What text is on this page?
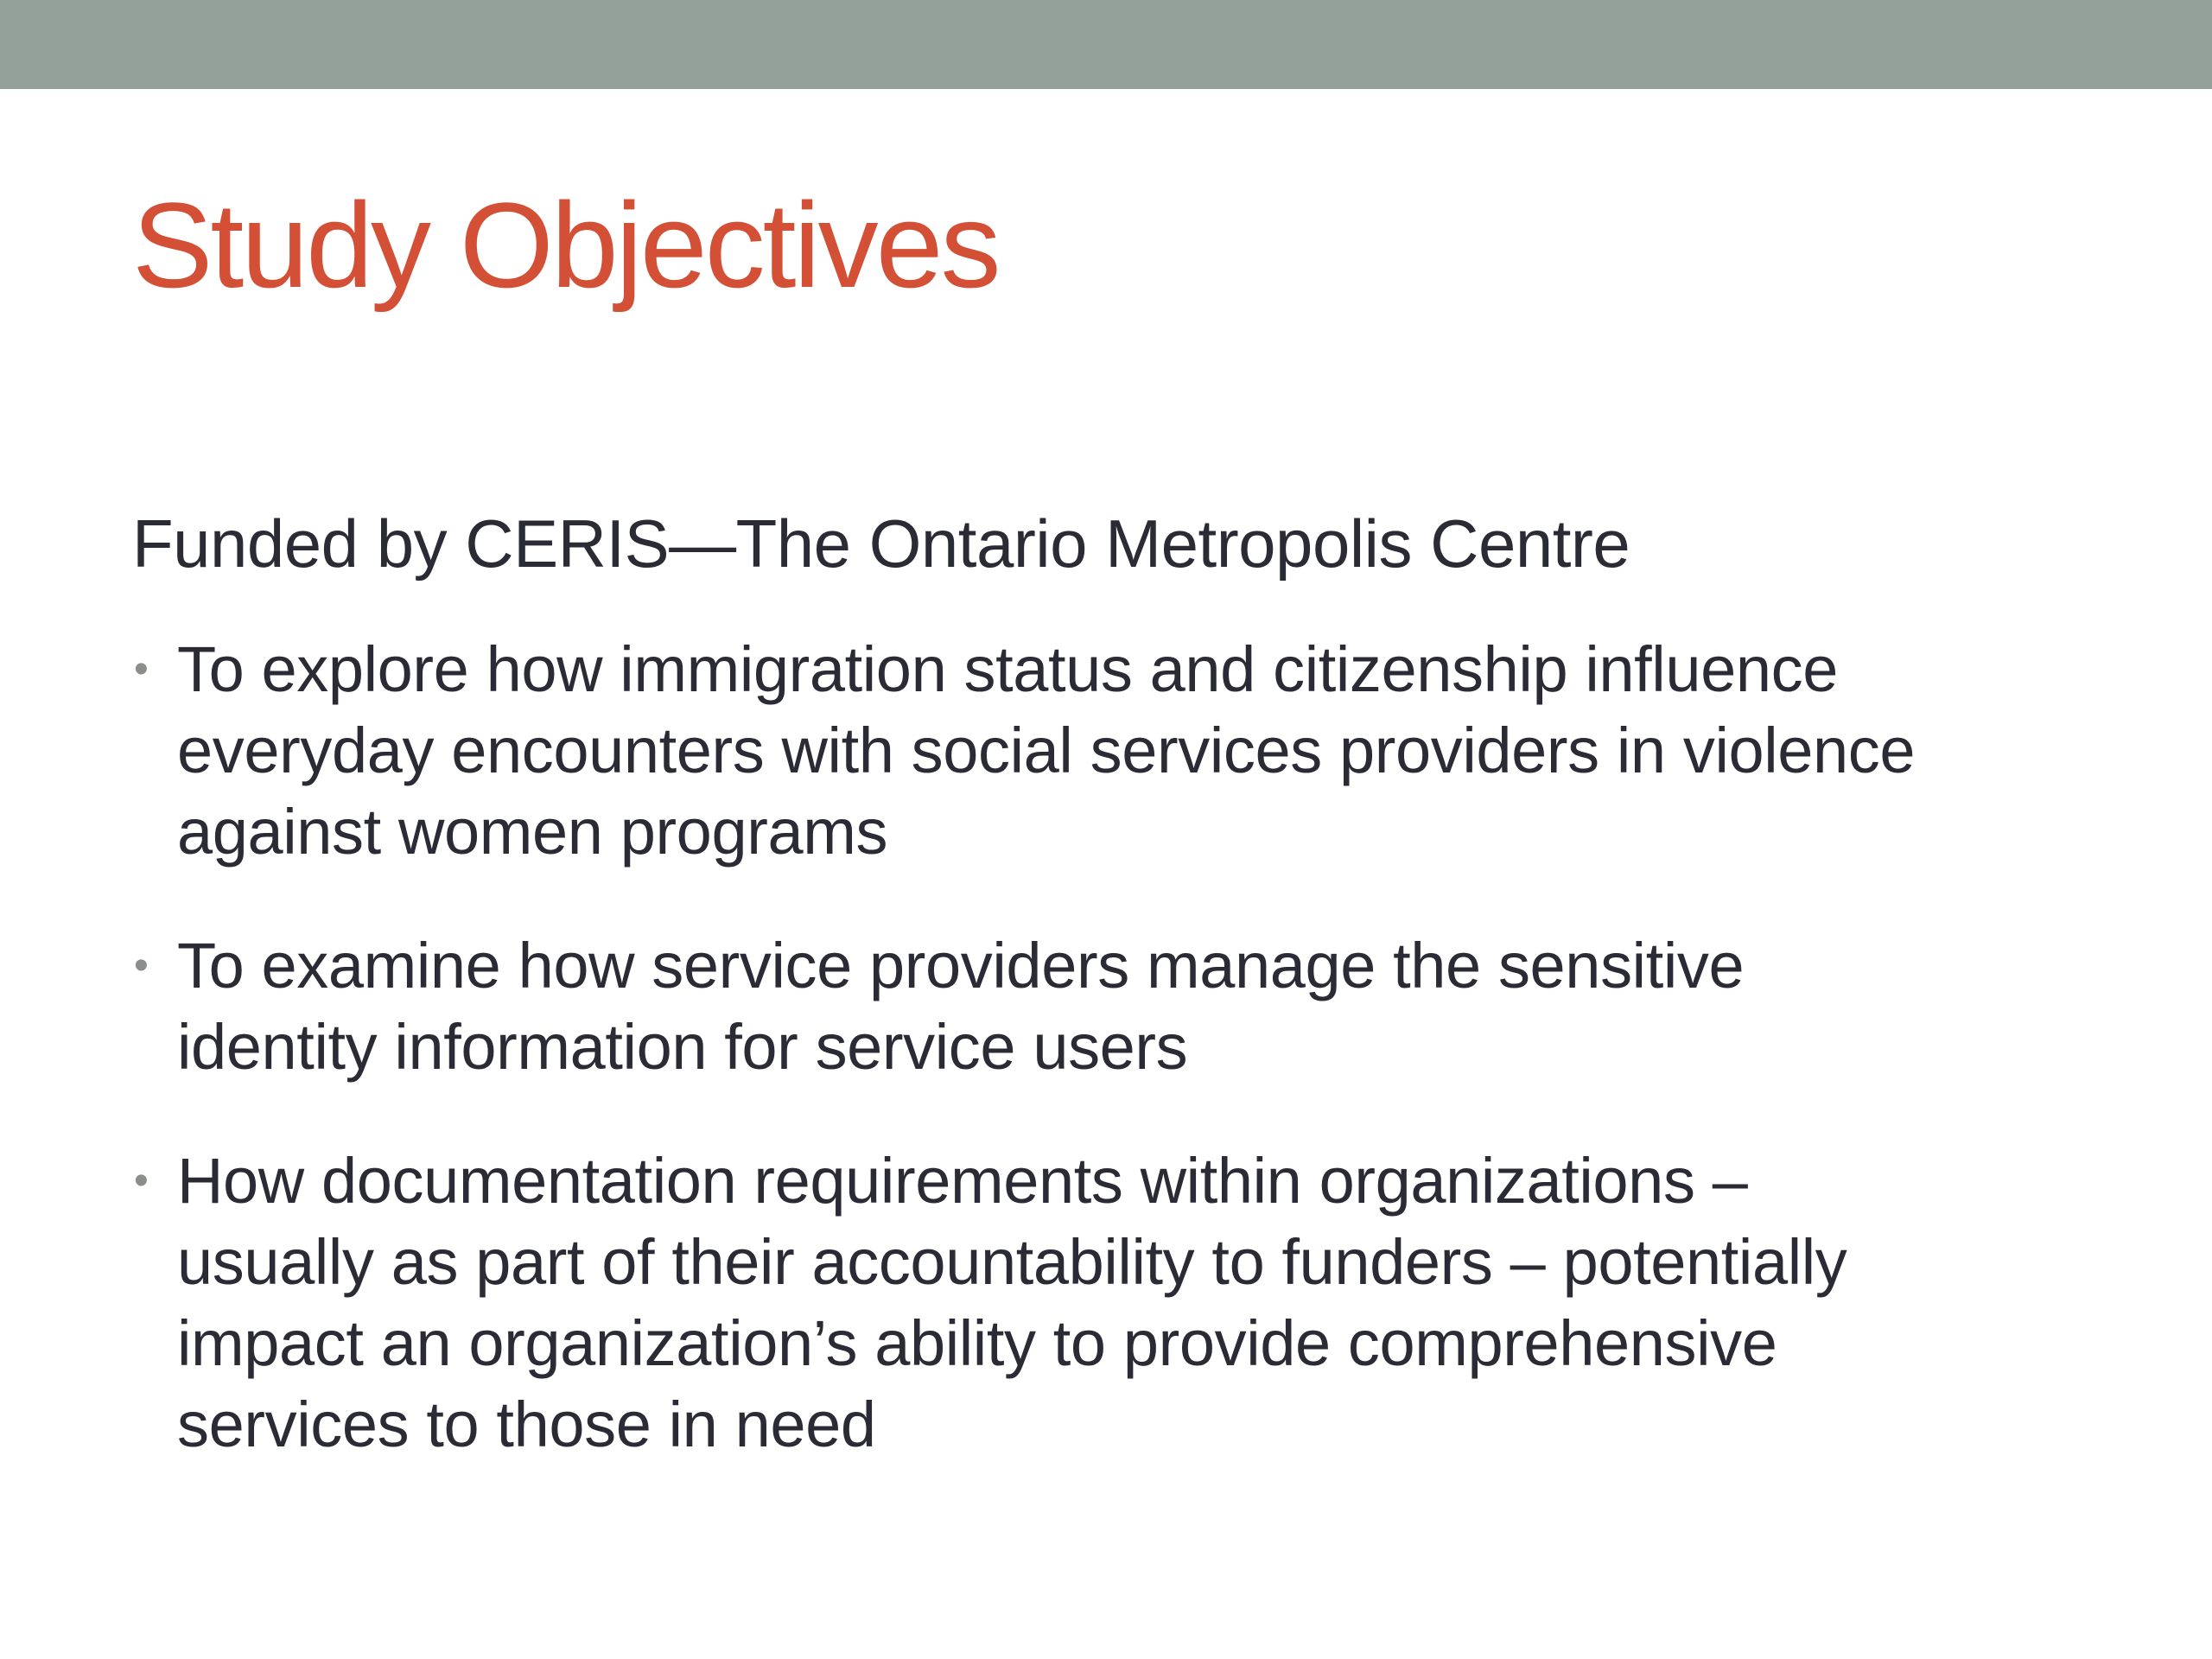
Study Objectives

Funded by CERIS—The Ontario Metropolis Centre

• To explore how immigration status and citizenship influence
everyday encounters with social services providers in violence
against women programs
• To examine how service providers manage the sensitive
identity information for service users
• How documentation requirements within organizations –
usually as part of their accountability to funders – potentially
impact an organization’s ability to provide comprehensive
services to those in need
